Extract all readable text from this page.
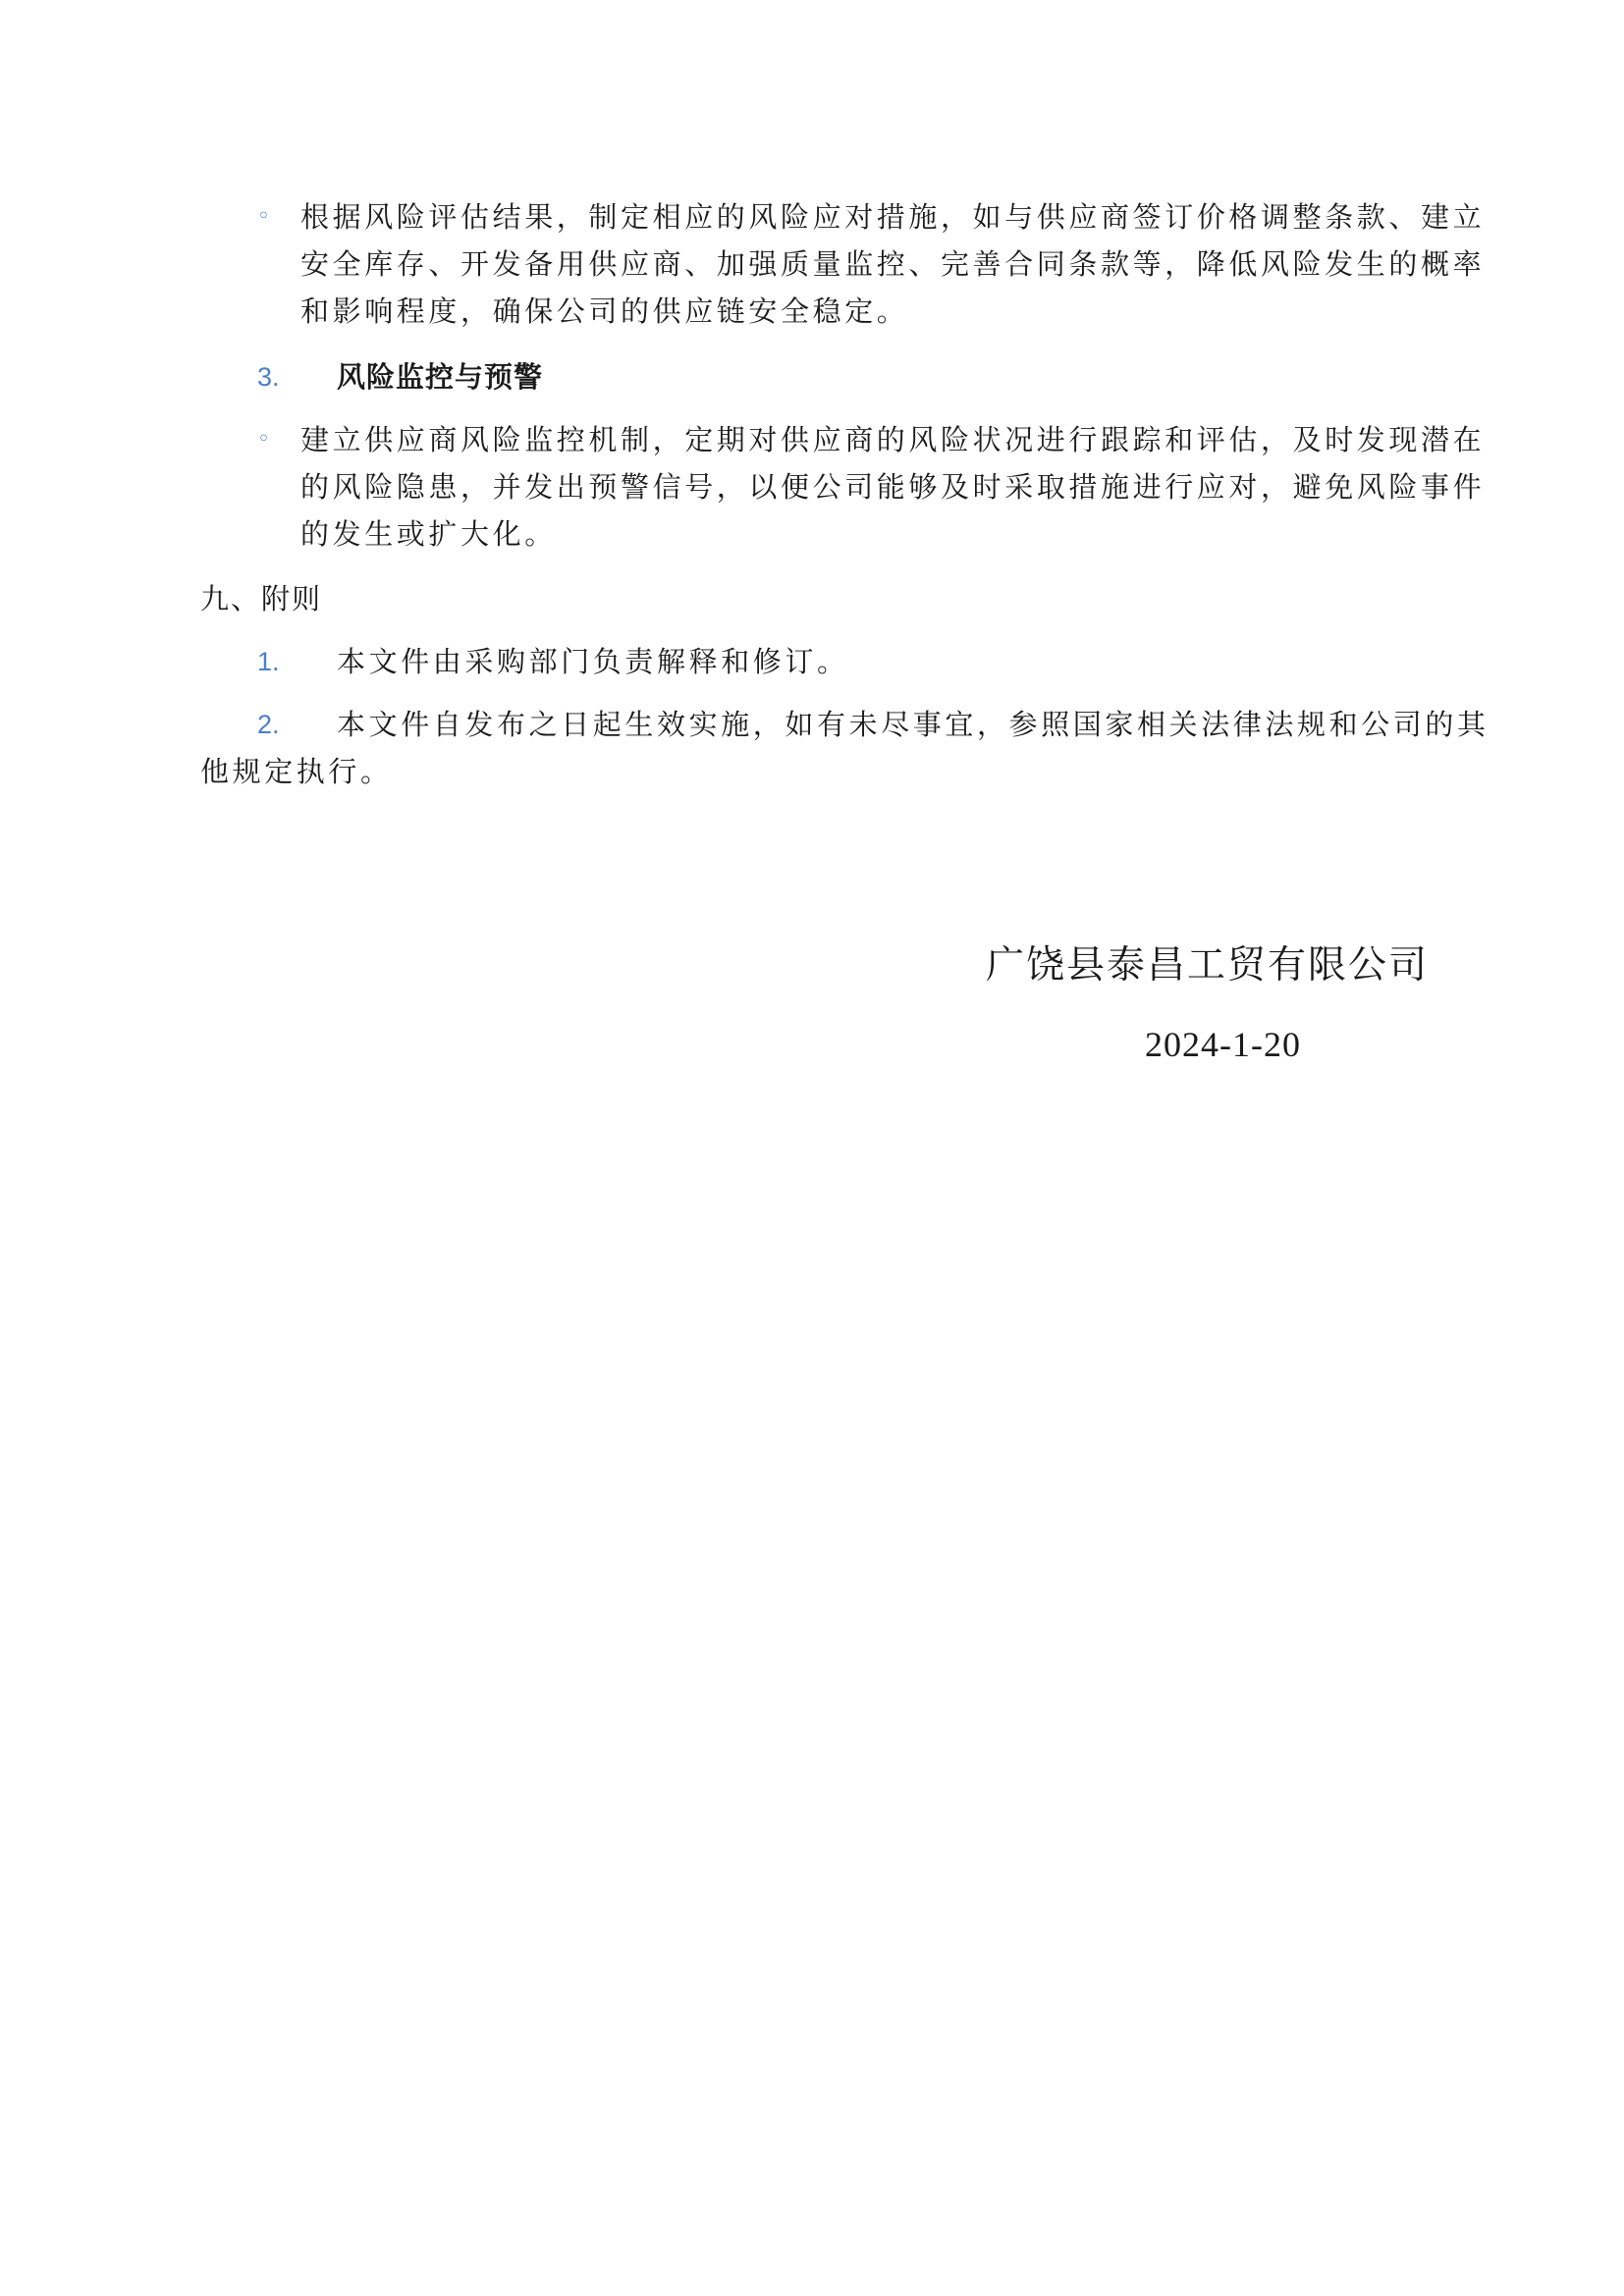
◦ 根据风险评估结果，制定相应的风险应对措施，如与供应商签订价格调整条款、建立
安全库存、开发备用供应商、加强质量监控、完善合同条款等，降低风险发生的概率
和影响程度，确保公司的供应链安全稳定。
3. 风险监控与预警
◦ 建立供应商风险监控机制，定期对供应商的风险状况进行跟踪和评估，及时发现潜在
的风险隐患，并发出预警信号，以便公司能够及时采取措施进行应对，避免风险事件
的发生或扩大化。
九、附则
1. 本文件由采购部门负责解释和修订。
2. 本文件自发布之日起生效实施，如有未尽事宜，参照国家相关法律法规和公司的其
他规定执行。
广饶县泰昌工贸有限公司
2024-1-20
